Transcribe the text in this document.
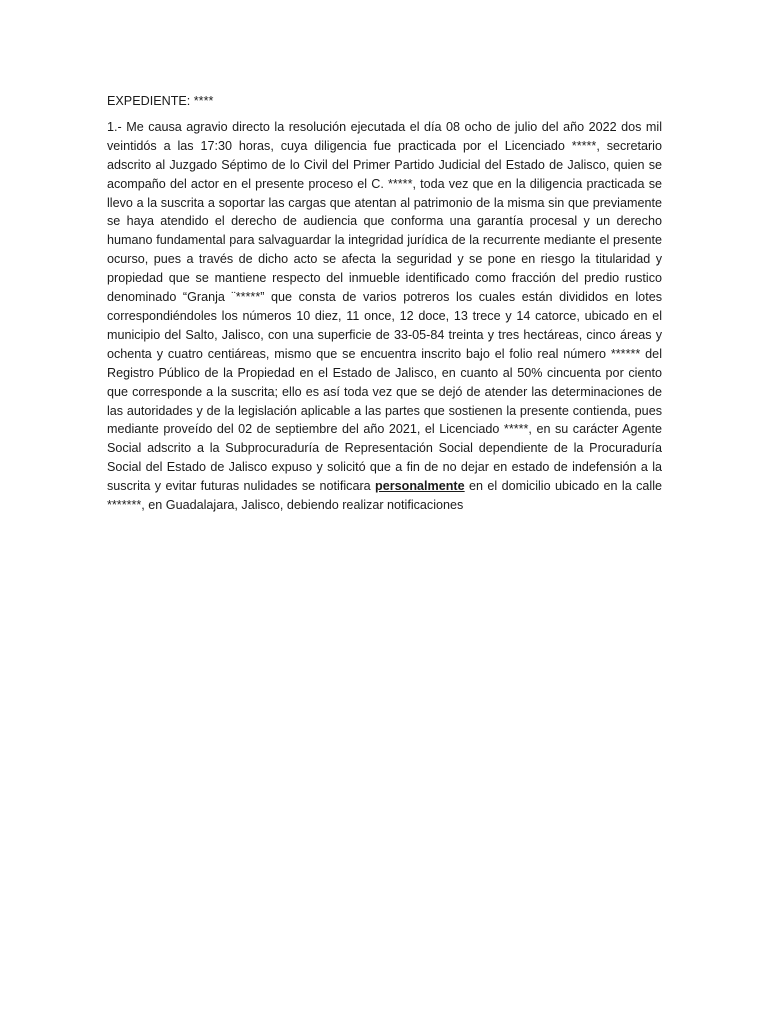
EXPEDIENTE: ****

1.- Me causa agravio directo la resolución ejecutada el día 08 ocho de julio del año 2022 dos mil veintidós a las 17:30 horas, cuya diligencia fue practicada por el Licenciado *****, secretario adscrito al Juzgado Séptimo de lo Civil del Primer Partido Judicial del Estado de Jalisco, quien se acompaño del actor en el presente proceso el C. *****, toda vez que en la diligencia practicada se llevo a la suscrita a soportar las cargas que atentan al patrimonio de la misma sin que previamente se haya atendido el derecho de audiencia que conforma una garantía procesal y un derecho humano fundamental para salvaguardar la integridad jurídica de la recurrente mediante el presente ocurso, pues a través de dicho acto se afecta la seguridad y se pone en riesgo la titularidad y propiedad que se mantiene respecto del inmueble identificado como fracción del predio rustico denominado “Granja ¨*****” que consta de varios potreros los cuales están divididos en lotes correspondiéndoles los números 10 diez, 11 once, 12 doce, 13 trece y 14 catorce, ubicado en el municipio del Salto, Jalisco, con una superficie de 33-05-84 treinta y tres hectáreas, cinco áreas y ochenta y cuatro centiáreas, mismo que se encuentra inscrito bajo el folio real número ****** del Registro Público de la Propiedad en el Estado de Jalisco, en cuanto al 50% cincuenta por ciento que corresponde a la suscrita; ello es así toda vez que se dejó de atender las determinaciones de las autoridades y de la legislación aplicable a las partes que sostienen la presente contienda, pues mediante proveído del 02 de septiembre del año 2021, el Licenciado *****, en su carácter Agente Social adscrito a la Subprocuraduría de Representación Social dependiente de la Procuraduría Social del Estado de Jalisco expuso y solicitó que a fin de no dejar en estado de indefensión a la suscrita y evitar futuras nulidades se notificara personalmente en el domicilio ubicado en la calle *******, en Guadalajara, Jalisco, debiendo realizar notificaciones
